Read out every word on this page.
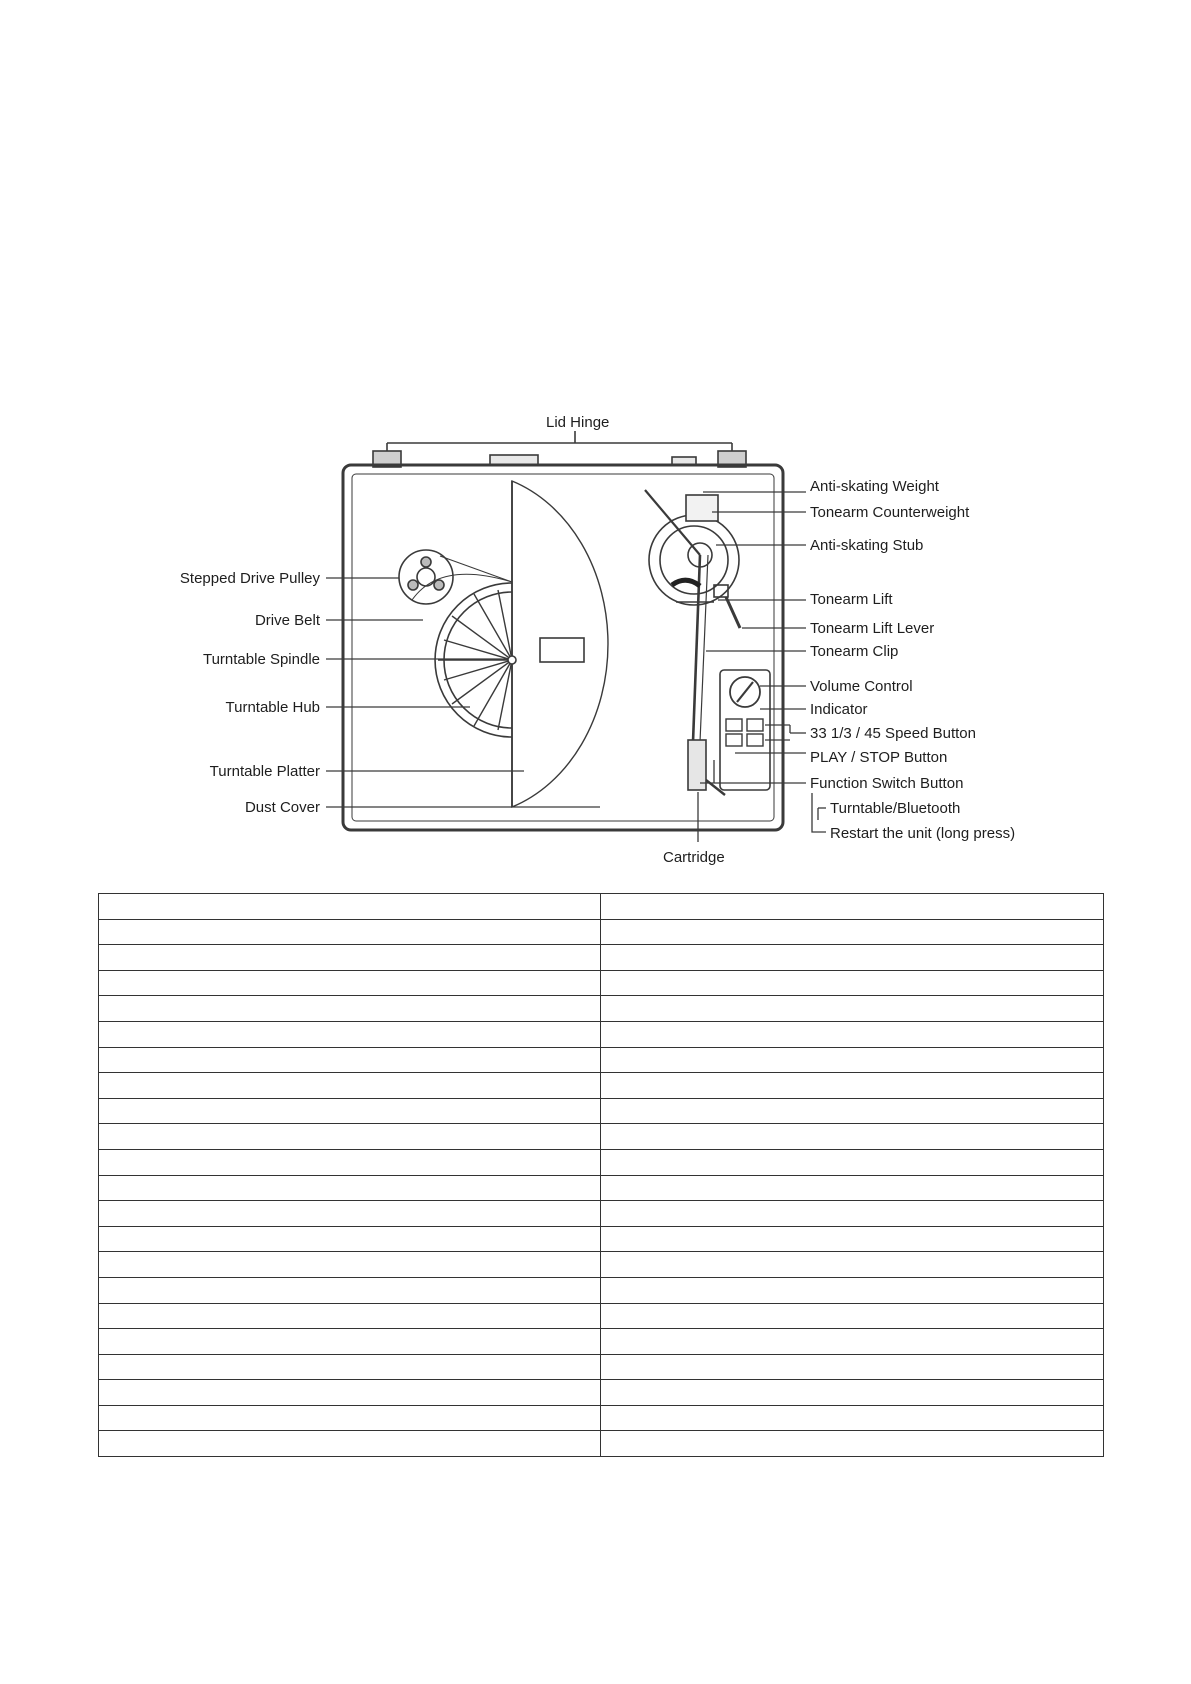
Lid Hinge
Anti-skating Weight
Tonearm Counterweight
Anti-skating Stub
Tonearm Lift
Tonearm Lift Lever
Tonearm Clip
Volume Control
Indicator
33 1/3 / 45 Speed Button
PLAY / STOP Button
Function Switch Button
Turntable/Bluetooth
Restart the unit (long press)
Cartridge
Stepped Drive Pulley
Drive Belt
Turntable Spindle
Turntable Hub
Turntable Platter
Dust Cover
